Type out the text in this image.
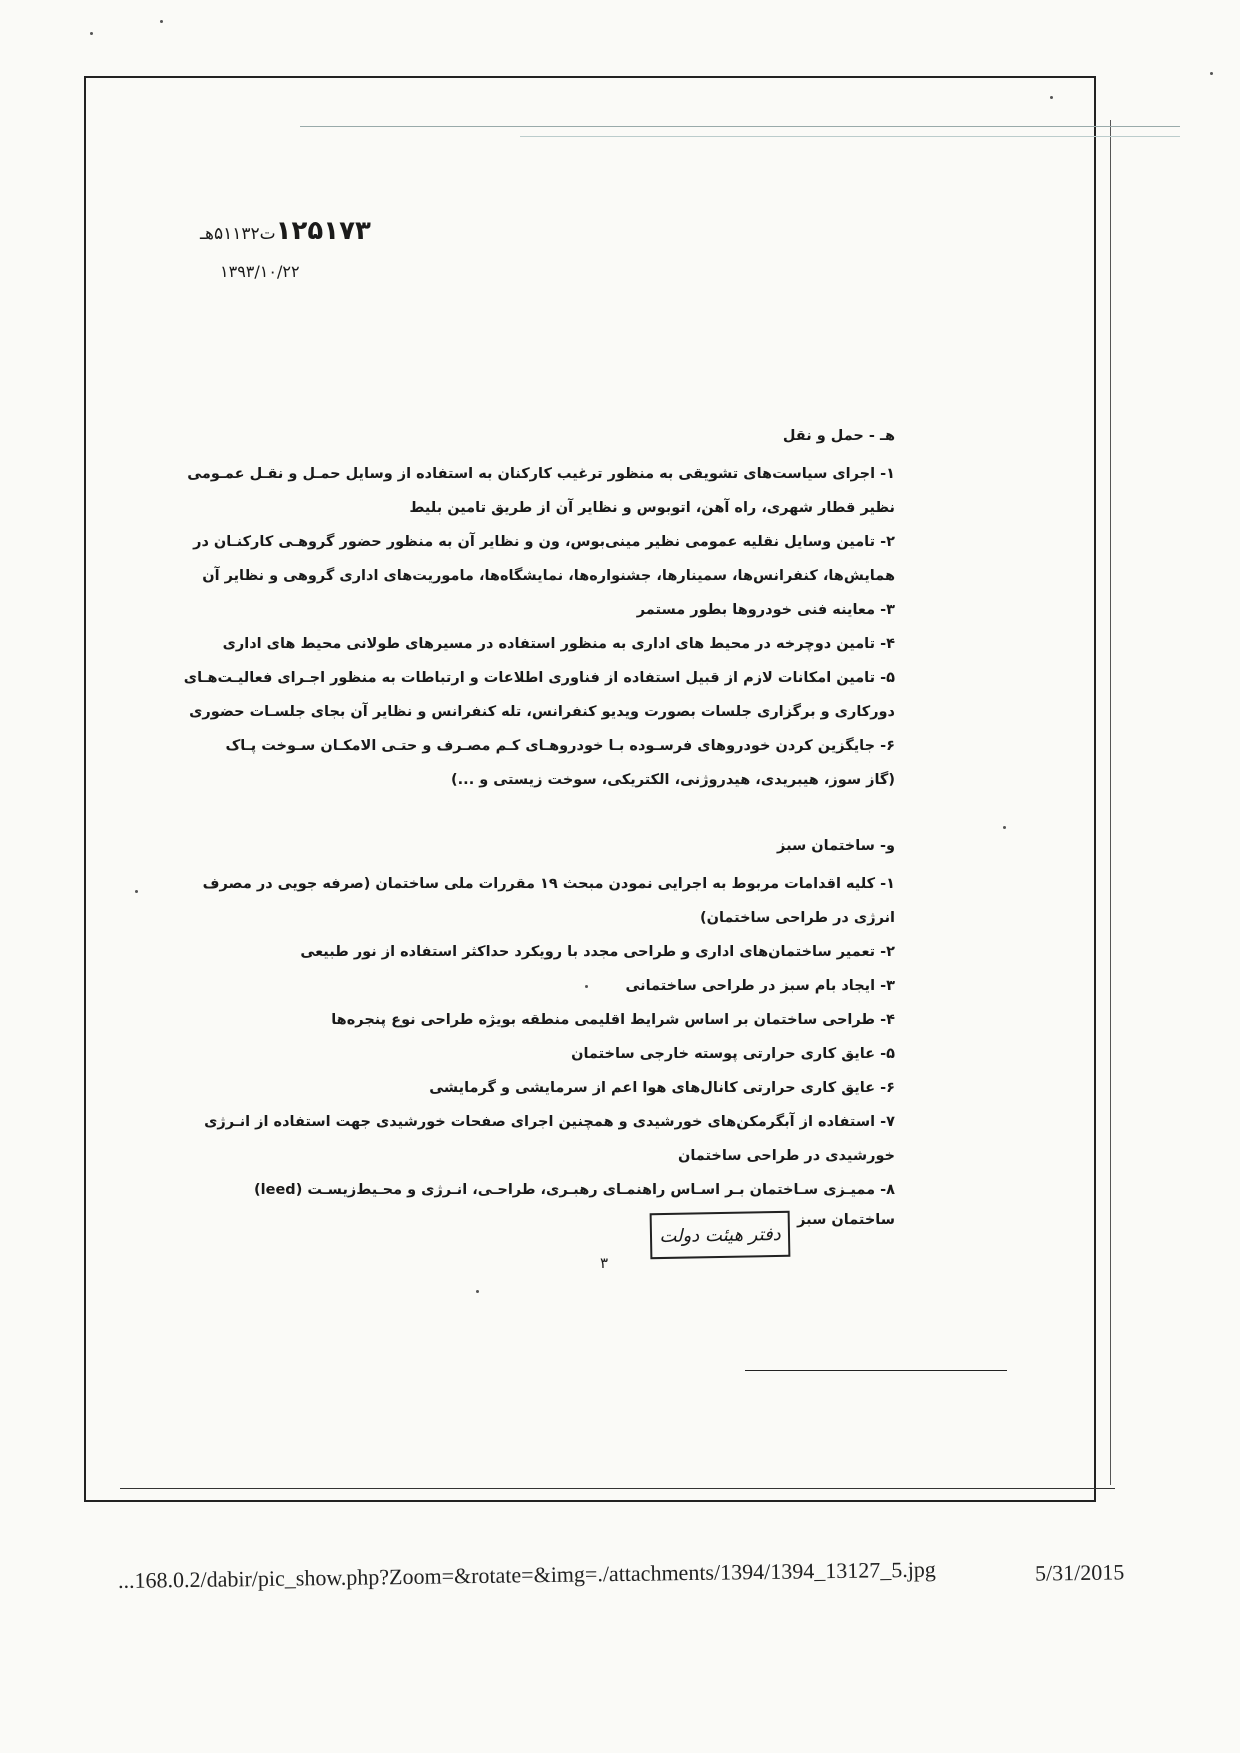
۱۲۵۱۷۳ت۵۱۱۳۲هـ
۱۳۹۳/۱۰/۲۲
هـ - حمل و نقل
۱- اجرای سیاست‌های تشویقی به منظور ترغیب کارکنان به استفاده از وسایل حمـل و نقـل عمـومی
نظیر قطار شهری، راه آهن، اتوبوس و نظایر آن از طریق تامین بلیط
۲- تامین وسایل نقلیه عمومی نظیر مینی‌بوس، ون و نظایر آن به منظور حضور گروهـی کارکنـان در
همایش‌ها، کنفرانس‌ها، سمینارها، جشنواره‌ها، نمایشگاه‌ها، ماموریت‌های اداری گروهی و نظایر آن
۳- معاینه فنی خودروها بطور مستمر
۴- تامین دوچرخه در محیط های اداری به منظور استفاده در مسیرهای طولانی محیط های اداری
۵- تامین امکانات لازم از قبیل استفاده از فناوری اطلاعات و ارتباطات به منظور اجـرای فعالیـت‌هـای
دورکاری و برگزاری جلسات بصورت ویدیو کنفرانس، تله کنفرانس و نظایر آن بجای جلسـات حضوری
۶- جایگزین کردن خودروهای فرسـوده بـا خودروهـای کـم مصـرف و حتـی الامکـان سـوخت پـاک
(گاز سوز، هیبریدی، هیدروژنی، الکتریکی، سوخت زیستی و ...)
و- ساختمان سبز
۱- کلیه اقدامات مربوط به اجرایی نمودن مبحث ۱۹ مقررات ملی ساختمان (صرفه جویی در مصرف
انرژی در طراحی ساختمان)
۲- تعمیر ساختمان‌های اداری و طراحی مجدد با رویکرد حداکثر استفاده از نور طبیعی
۳- ایجاد بام سبز در طراحی ساختمانی
۴- طراحی ساختمان بر اساس شرایط اقلیمی منطقه بویژه طراحی نوع پنجره‌ها
۵- عایق کاری حرارتی پوسته خارجی ساختمان
۶- عایق کاری حرارتی کانال‌های هوا اعم از سرمایشی و گرمایشی
۷- استفاده از آبگرمکن‌های خورشیدی و همچنین اجرای صفحات خورشیدی جهت استفاده از انـرژی
خورشیدی در طراحی ساختمان
۸- ممیـزی سـاختمان بـر اسـاس راهنمـای رهبـری، طراحـی، انـرژی و محـیط‌زیسـت (leed)
ساختمان سبز
دفتر هیئت دولت
۳
...168.0.2/dabir/pic_show.php?Zoom=&rotate=&img=./attachments/1394/1394_13127_5.jpg	5/31/2015
